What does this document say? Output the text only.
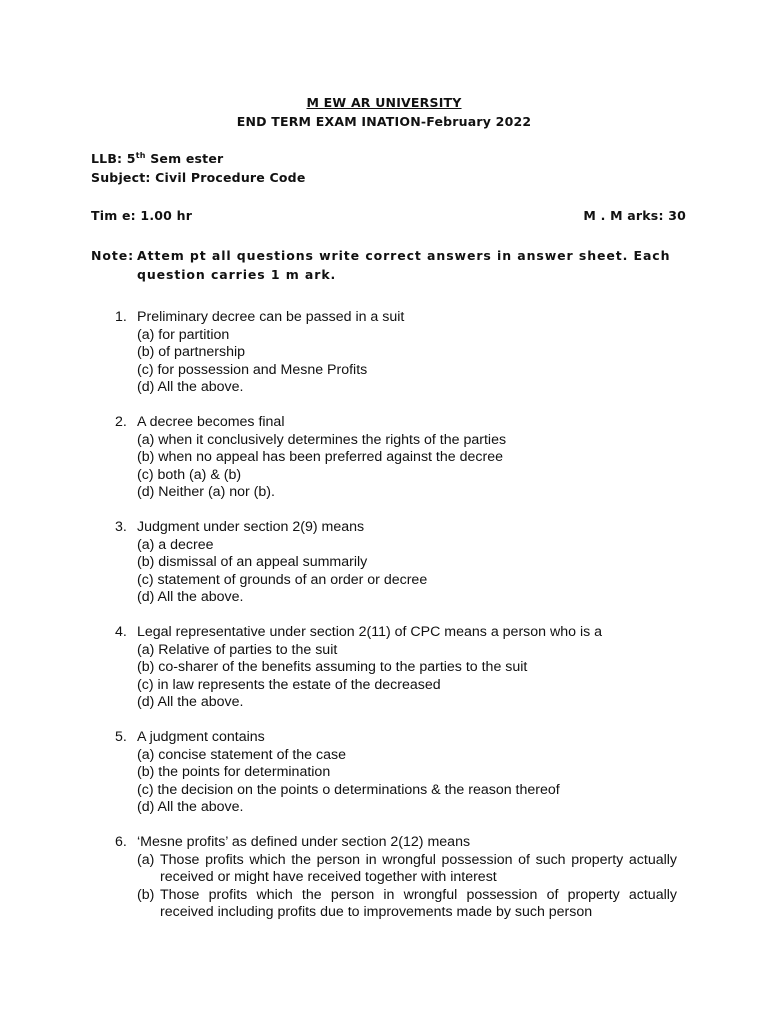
M EW AR UNIVERSITY
END TERM EXAM INATION-February 2022
LLB: 5th Sem ester
Subject: Civil Procedure Code
Tim e: 1.00 hr	M . M arks: 30
Note: Attem pt all questions write correct answers in answer sheet. Each question carries 1 m ark.
1. Preliminary decree can be passed in a suit
(a) for partition
(b) of partnership
(c) for possession and Mesne Profits
(d) All the above.
2. A decree becomes final
(a) when it conclusively determines the rights of the parties
(b) when no appeal has been preferred against the decree
(c) both (a) & (b)
(d) Neither (a) nor (b).
3. Judgment under section 2(9) means
(a) a decree
(b) dismissal of an appeal summarily
(c) statement of grounds of an order or decree
(d) All the above.
4. Legal representative under section 2(11) of CPC means a person who is a
(a) Relative of parties to the suit
(b) co-sharer of the benefits assuming to the parties to the suit
(c) in law represents the estate of the decreased
(d) All the above.
5. A judgment contains
(a) concise statement of the case
(b) the points for determination
(c) the decision on the points o determinations & the reason thereof
(d) All the above.
6. ‘Mesne profits’ as defined under section 2(12) means
(a) Those profits which the person in wrongful possession of such property actually received or might have received together with interest
(b) Those profits which the person in wrongful possession of property actually received including profits due to improvements made by such person
